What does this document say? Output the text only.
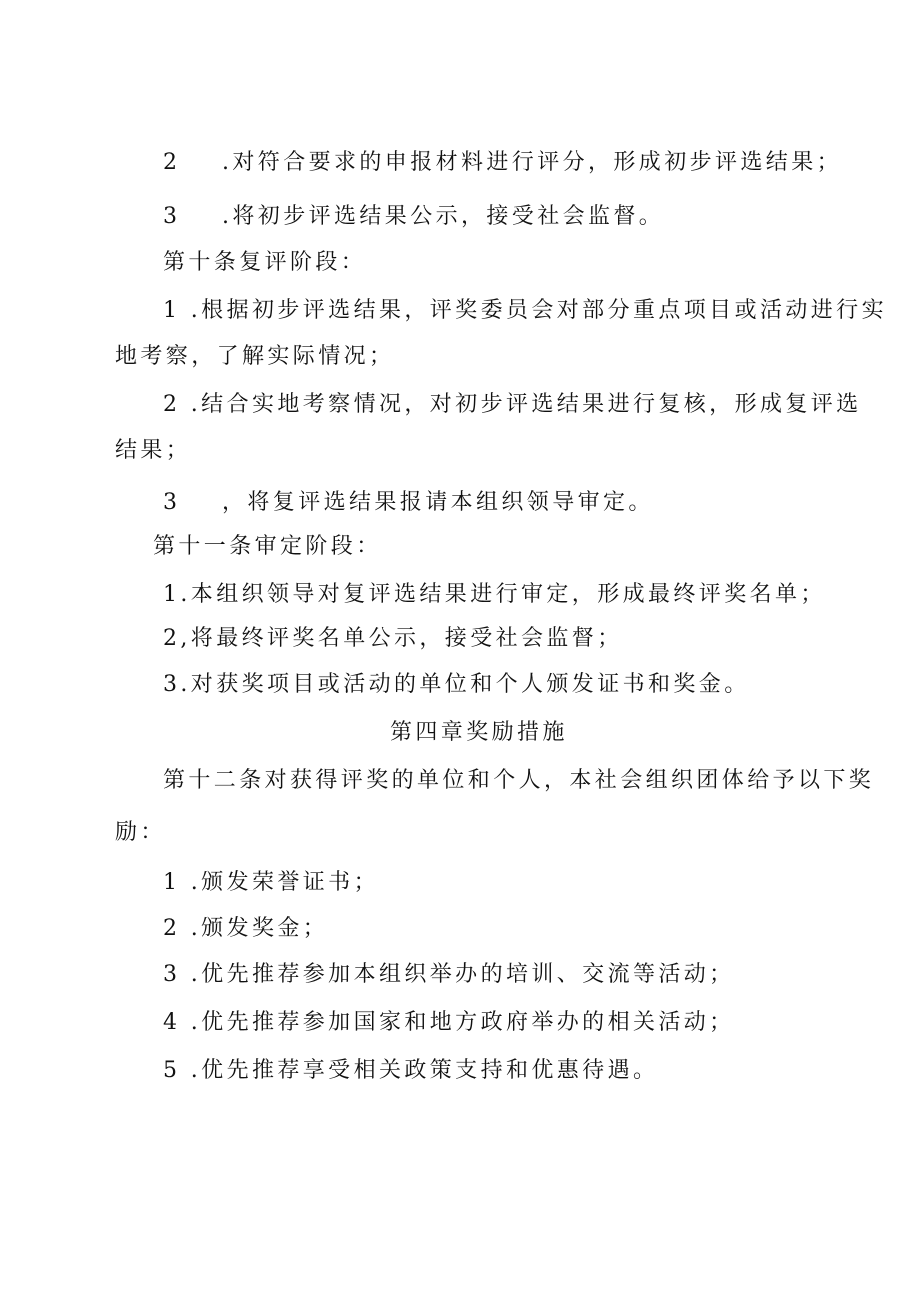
2 .对符合要求的申报材料进行评分，形成初步评选结果；
3 .将初步评选结果公示，接受社会监督。
第十条复评阶段：
1 .根据初步评选结果，评奖委员会对部分重点项目或活动进行实
地考察，了解实际情况；
2 .结合实地考察情况，对初步评选结果进行复核，形成复评选
结果；
3 ，将复评选结果报请本组织领导审定。
第十一条审定阶段：
1.本组织领导对复评选结果进行审定，形成最终评奖名单；
2,将最终评奖名单公示，接受社会监督；
3.对获奖项目或活动的单位和个人颁发证书和奖金。
第四章奖励措施
第十二条对获得评奖的单位和个人，本社会组织团体给予以下奖
励：
1 .颁发荣誉证书；
2 .颁发奖金；
3 .优先推荐参加本组织举办的培训、交流等活动；
4 .优先推荐参加国家和地方政府举办的相关活动；
5 .优先推荐享受相关政策支持和优惠待遇。
